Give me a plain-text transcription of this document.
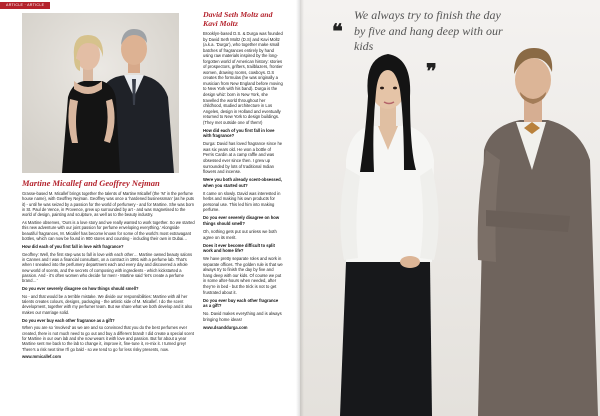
ARTICLE · ARTICLE
David Seth Moltz and Kavi Moltz

Brooklyn-based D.S. & Durga was founded by David Seth Moltz (D.S) and Kavi Moltz (a.k.a. ‘Durga’), who together make small batches of fragrances entirely by hand using raw materials inspired by the long-forgotten world of American history: stories of prospectors, grifters, trailblazers, frontier women, drawing rooms, cowboys. D.S creates the formulas (he was originally a musician from New England before moving to New York with his band). Durga is the design whiz: born in New York, she travelled the world throughout her childhood, studied architecture in Los Angeles, design in Holland and eventually returned to New York to design buildings. (They met outside one of them!)

How did each of you first fall in love with fragrance?

Durga: David has loved fragrance since he was six years old. He won a bottle of Perris Cardin at a camp raffle and was obsessed ever since then. I grew up surrounded by lots of traditional Indian flowers and incense.

Were you both already scent-obsessed, when you started out?

It came on slowly. David was interested in herbs and making his own products for personal use. This led him into making perfume.

Do you ever severely disagree on how things should smell?

Oh, nothing gets put out unless we both agree on its merit.

Does it ever become difficult to split work and home life?

We have pretty separate roles and work in separate offices. The golden rule is that we always try to finish the day by five and hang deep with our kids. Of course we put in some after-hours when needed, after they’re in bed - but the trick is not to get frustrated about it.

Do you ever buy each other fragrance as a gift?

No. David makes everything and is always bringing home ideas!

www.dsanddurga.com

Martine Micallef and Geoffrey Nejman

Grasse-based M. Micallef brings together the talents of Martine Micallef (the ‘M’ in the perfume house name), with Geoffrey Nejman. Geoffrey was once a ‘hardened businessman’ (as he puts it) - until he was seized by a passion for the world of perfumery - and for Martine. She was born in St. Paul de Vence, in Provence, grew up surrounded by art - and was magnetised to the world of design, painting and sculpture, as well as to the beauty industry.

As Martine observes, ‘Ours is a love story and we really wanted to work together. So we started this new adventure with our joint passion for perfume enveloping everything.’ Alongside beautiful fragrances, M. Micallef has become known for some of the world’s most extravagant bottles, which can now be found in 900 stores and counting - including their own in Dubai…

How did each of you first fall in love with fragrance?

Geoffrey: Well, the first step was to fall in love with each other… Martine owned beauty salons in Cannes and I was a financial consultant, on a contract in 1991 with a perfume lab. That’s when I sneaked into the perfumery department each and every day and discovered a whole new world of scents, and the secrets of composing with ingredients - which kickstarted a passion. And - it’s often women who decide for men! - Martine said ‘let’s create a perfume brand…’

Do you ever severely disagree on how things should smell?

No - and that would be a terrible mistake. We divide our responsibilities: Martine with all her talents creates colours, designs, packaging - the artistic side of M. Micallef. I do the scent development, together with my perfumer team. But we share what we both develop and it also makes our marriage solid.

Do you ever buy each other fragrance as a gift?

When you are so ‘involved’ as we are and so convinced that you do the best perfumes ever created, there is not much need to go out and buy a different brand! I did create a special scent for Martine in our own lab and she now wears it with love and passion. But for about a year Martine sent me back to the lab to change it, improve it, fine-tune it, re-mix it. I turned grey! There’s a risk next time I’ll go bald - so we tend to go for less risky presents, now.

www.mmicallef.com

❝
We always try to finish the day by five and hang deep with our kids
❞
